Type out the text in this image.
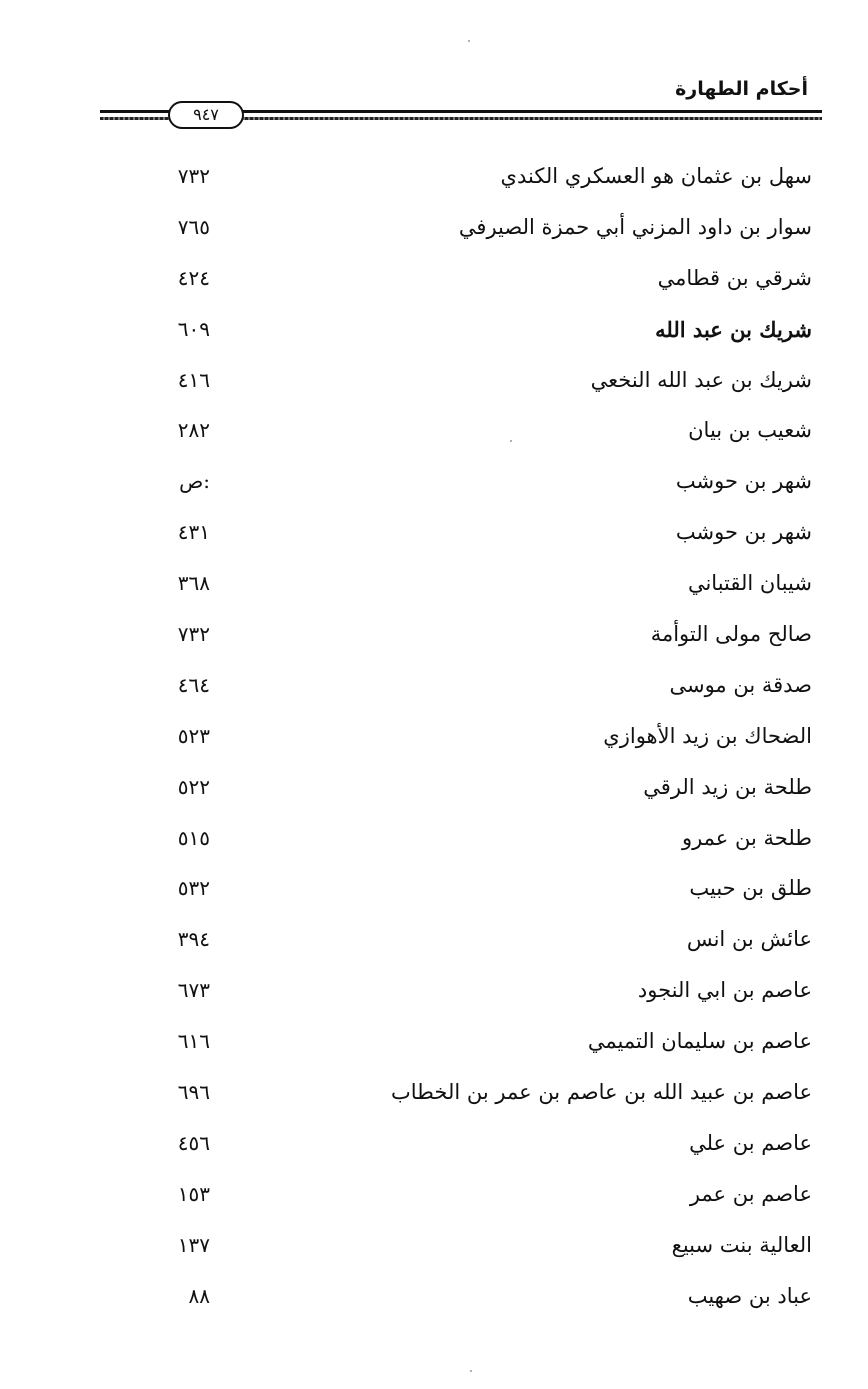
أحكام الطهارة
٩٤٧
سهل بن عثمان هو العسكري الكندي
٧٣٢
سوار بن داود المزني أبي حمزة الصيرفي
٧٦٥
شرقي بن قطامي
٤٢٤
شريك بن عبد الله
٦٠٩
شريك بن عبد الله النخعي
٤١٦
شعيب بن بيان
٢٨٢
شهر بن حوشب
ص:
شهر بن حوشب
٤٣١
شيبان القتباني
٣٦٨
صالح مولى التوأمة
٧٣٢
صدقة بن موسى
٤٦٤
الضحاك بن زيد الأهوازي
٥٢٣
طلحة بن زيد الرقي
٥٢٢
طلحة بن عمرو
٥١٥
طلق بن حبيب
٥٣٢
عائش بن انس
٣٩٤
عاصم بن ابي النجود
٦٧٣
عاصم بن سليمان التميمي
٦١٦
عاصم بن عبيد الله بن عاصم بن عمر بن الخطاب
٦٩٦
عاصم بن علي
٤٥٦
عاصم بن عمر
١٥٣
العالية بنت سبيع
١٣٧
عباد بن صهيب
٨٨
